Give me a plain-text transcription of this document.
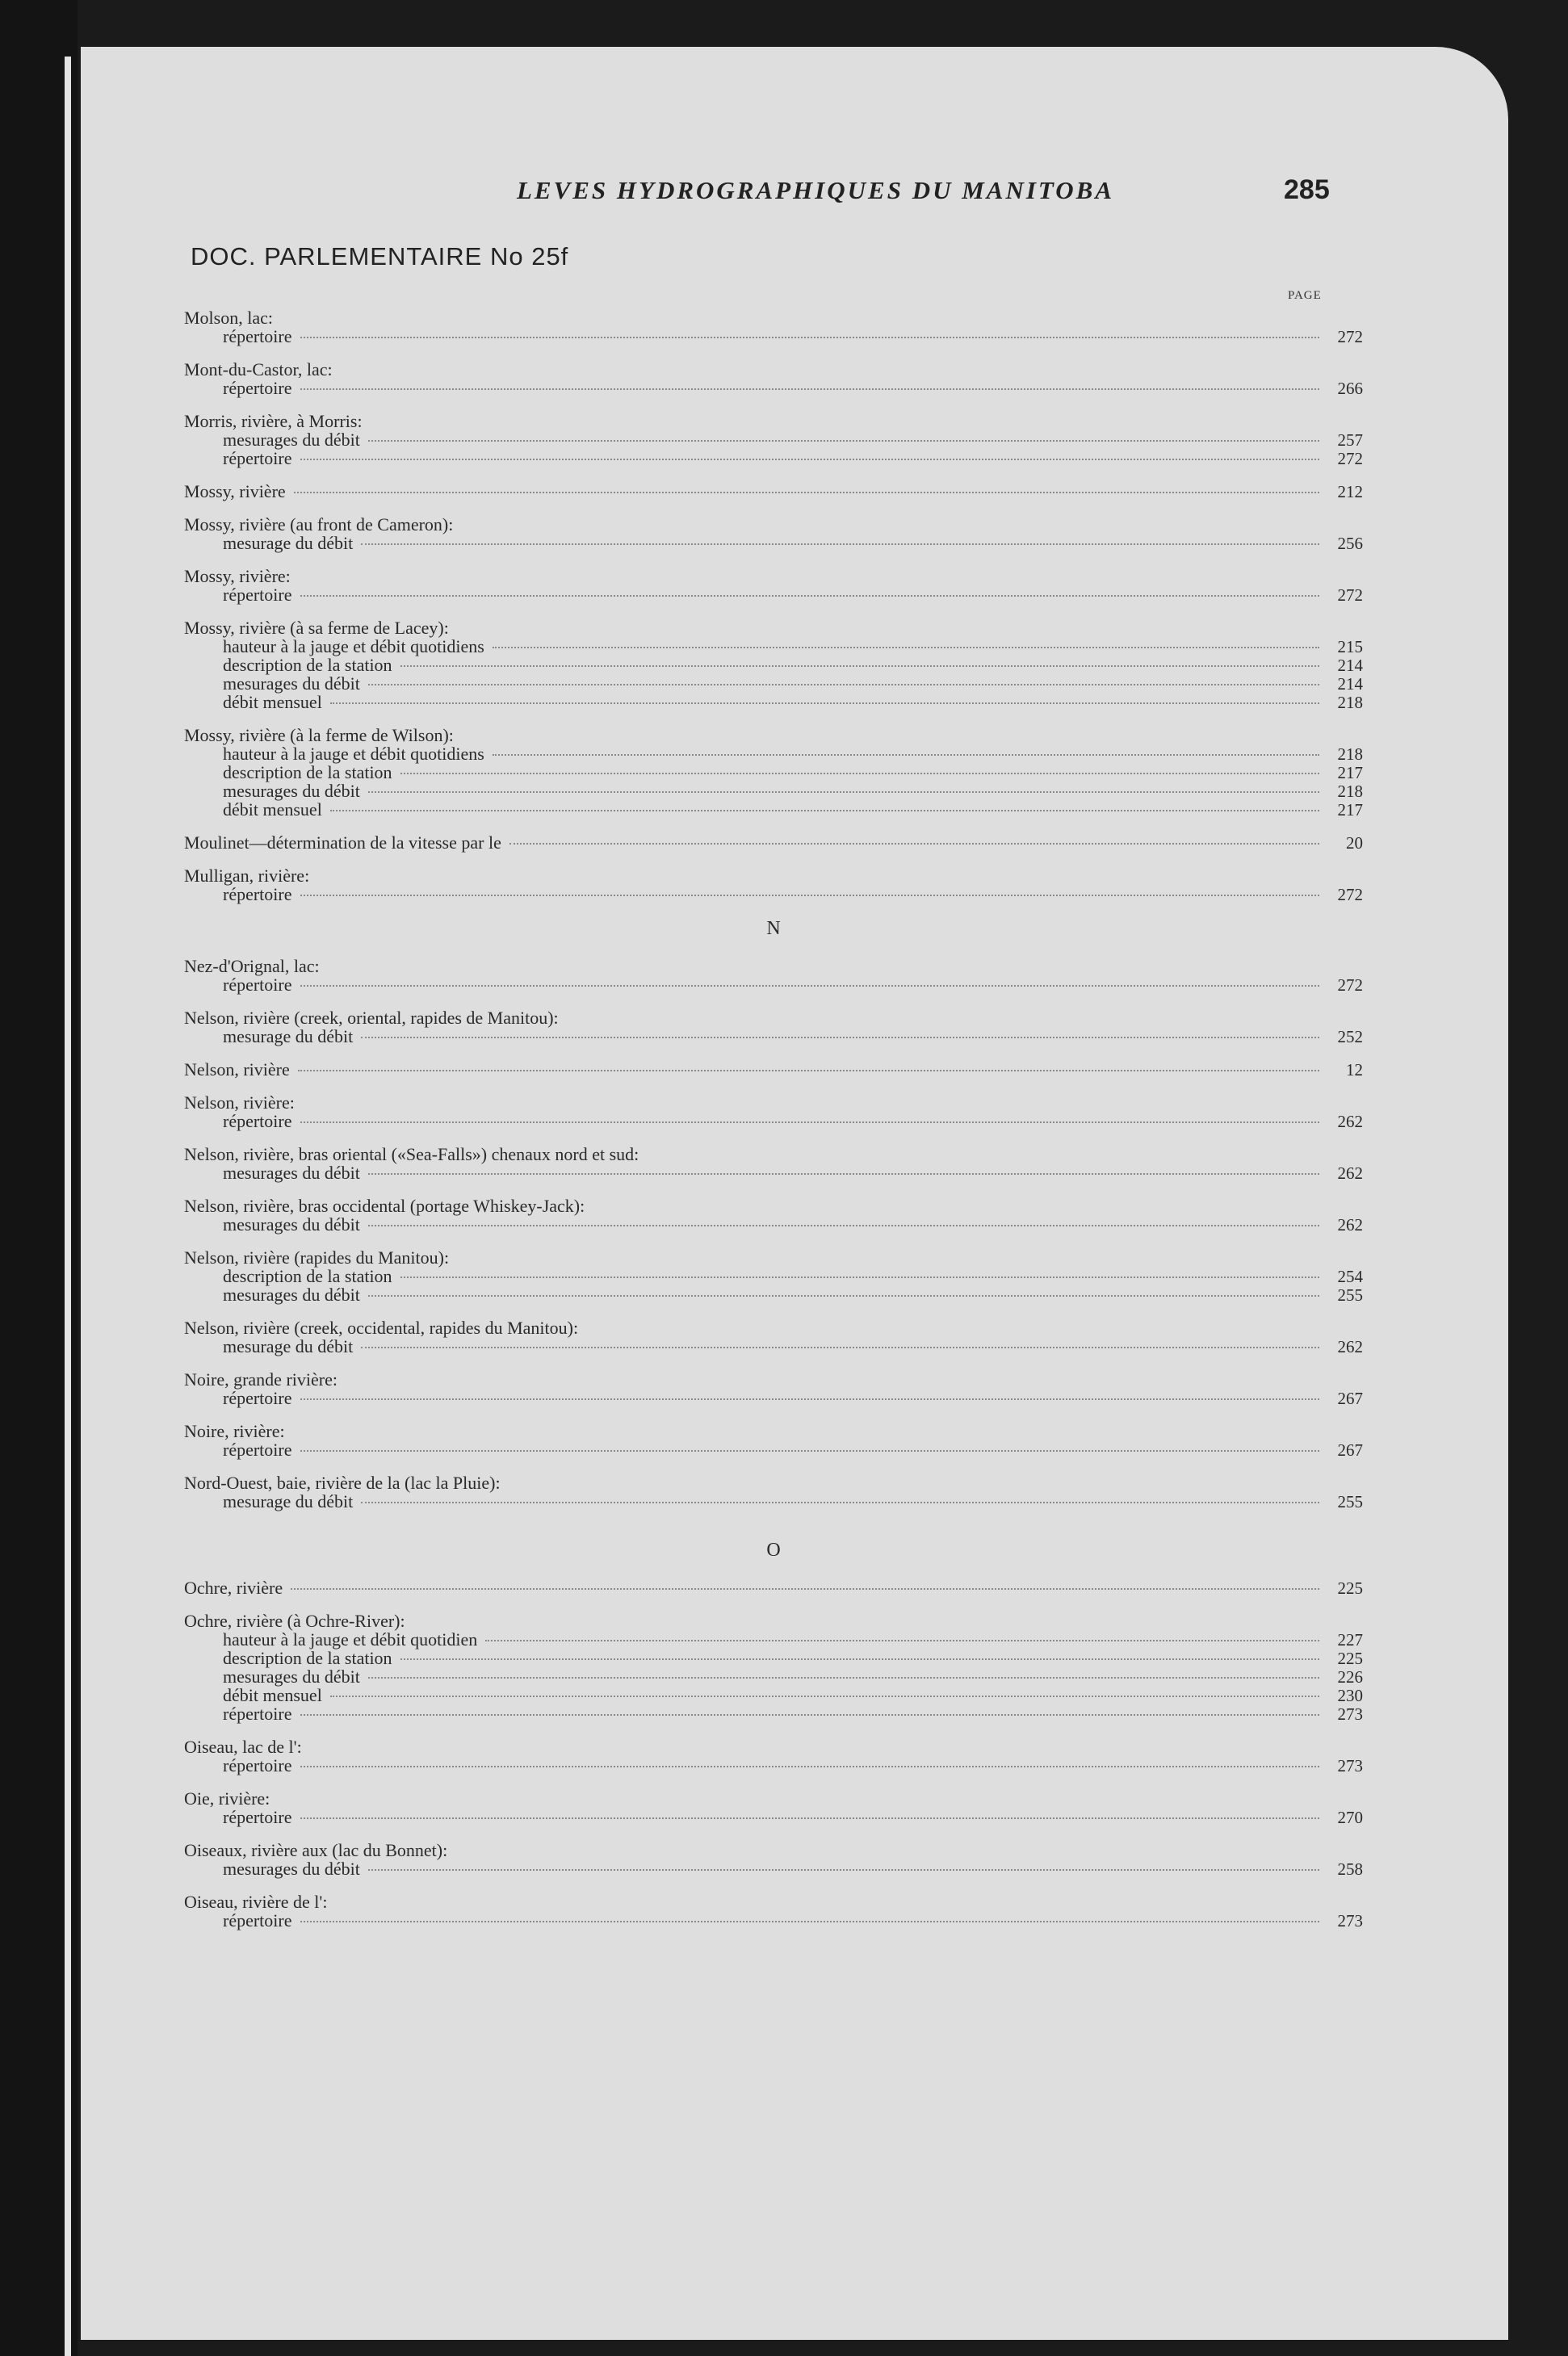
LEVES HYDROGRAPHIQUES DU MANITOBA	285
DOC. PARLEMENTAIRE No 25f
PAGE
Molson, lac:
répertoire	272
Mont-du-Castor, lac:
répertoire	266
Morris, rivière, à Morris:
mesurages du débit	257
répertoire	272
Mossy, rivière	212
Mossy, rivière (au front de Cameron):
mesurage du débit	256
Mossy, rivière:
répertoire	272
Mossy, rivière (à sa ferme de Lacey):
hauteur à la jauge et débit quotidiens	215
description de la station	214
mesurages du débit	214
débit mensuel	218
Mossy, rivière (à la ferme de Wilson):
hauteur à la jauge et débit quotidiens	218
description de la station	217
mesurages du débit	218
débit mensuel	217
Moulinet—détermination de la vitesse par le	20
Mulligan, rivière:
répertoire	272
N
Nez-d'Orignal, lac:
répertoire	272
Nelson, rivière (creek, oriental, rapides de Manitou):
mesurage du débit	252
Nelson, rivière	12
Nelson, rivière:
répertoire	262
Nelson, rivière, bras oriental («Sea-Falls») chenaux nord et sud:
mesurages du débit	262
Nelson, rivière, bras occidental (portage Whiskey-Jack):
mesurages du débit	262
Nelson, rivière (rapides du Manitou):
description de la station	254
mesurages du débit	255
Nelson, rivière (creek, occidental, rapides du Manitou):
mesurage du débit	262
Noire, grande rivière:
répertoire	267
Noire, rivière:
répertoire	267
Nord-Ouest, baie, rivière de la (lac la Pluie):
mesurage du débit	255
O
Ochre, rivière	225
Ochre, rivière (à Ochre-River):
hauteur à la jauge et débit quotidien	227
description de la station	225
mesurages du débit	226
débit mensuel	230
répertoire	273
Oiseau, lac de l':
répertoire	273
Oie, rivière:
répertoire	270
Oiseaux, rivière aux (lac du Bonnet):
mesurages du débit	258
Oiseau, rivière de l':
répertoire	273
